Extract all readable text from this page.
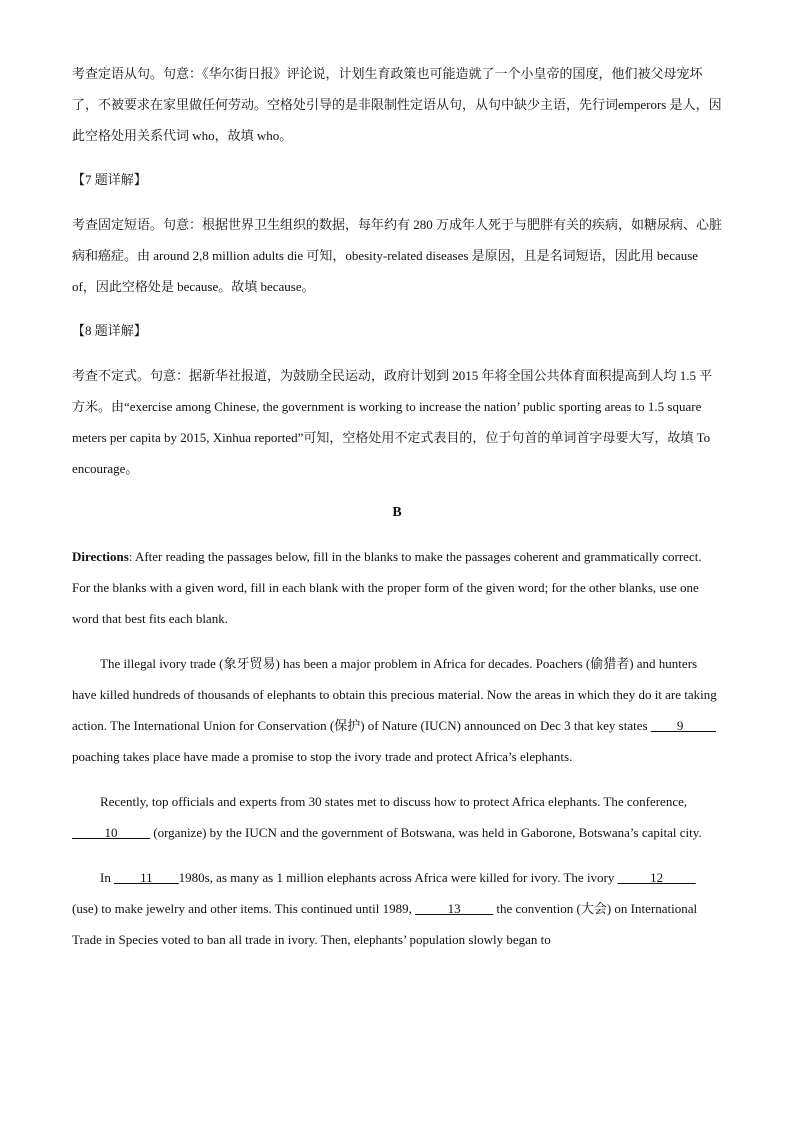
考查定语从句。句意：《华尔街日报》评论说，计划生育政策也可能造就了一个小皇帝的国度，他们被父母宠坏了，不被要求在家里做任何劳动。空格处引导的是非限制性定语从句，从句中缺少主语，先行词emperors 是人，因此空格处用关系代词 who，故填 who。

【7 题详解】

考查固定短语。句意：根据世界卫生组织的数据，每年约有 280 万成年人死于与肥胖有关的疾病，如糖尿病、心脏病和癌症。由 around 2,8 million adults die 可知，obesity-related diseases 是原因，且是名词短语，因此用 because of，因此空格处是 because。故填 because。

【8 题详解】

考查不定式。句意：据新华社报道，为鼓励全民运动，政府计划到 2015 年将全国公共体育面积提高到人均 1.5 平方米。由“exercise among Chinese, the government is working to increase the nation’ public sporting areas to 1.5 square meters per capita by 2015, Xinhua reported”可知，空格处用不定式表目的，位于句首的单词首字母要大写，故填 To encourage。

B

Directions: After reading the passages below, fill in the blanks to make the passages coherent and grammatically correct. For the blanks with a given word, fill in each blank with the proper form of the given word; for the other blanks, use one word that best fits each blank.

The illegal ivory trade (象牙贸易) has been a major problem in Africa for decades. Poachers (偷猎者) and hunters have killed hundreds of thousands of elephants to obtain this precious material. Now the areas in which they do it are taking action. The International Union for Conservation (保护) of Nature (IUCN) announced on Dec 3 that key states ____9_____ poaching takes place have made a promise to stop the ivory trade and protect Africa’s elephants.

Recently, top officials and experts from 30 states met to discuss how to protect Africa elephants. The conference, _____10_____ (organize) by the IUCN and the government of Botswana, was held in Gaborone, Botswana’s capital city.

In ____11____1980s, as many as 1 million elephants across Africa were killed for ivory. The ivory _____12_____ (use) to make jewelry and other items. This continued until 1989, _____13_____ the convention (大会) on International Trade in Species voted to ban all trade in ivory. Then, elephants’ population slowly began to
